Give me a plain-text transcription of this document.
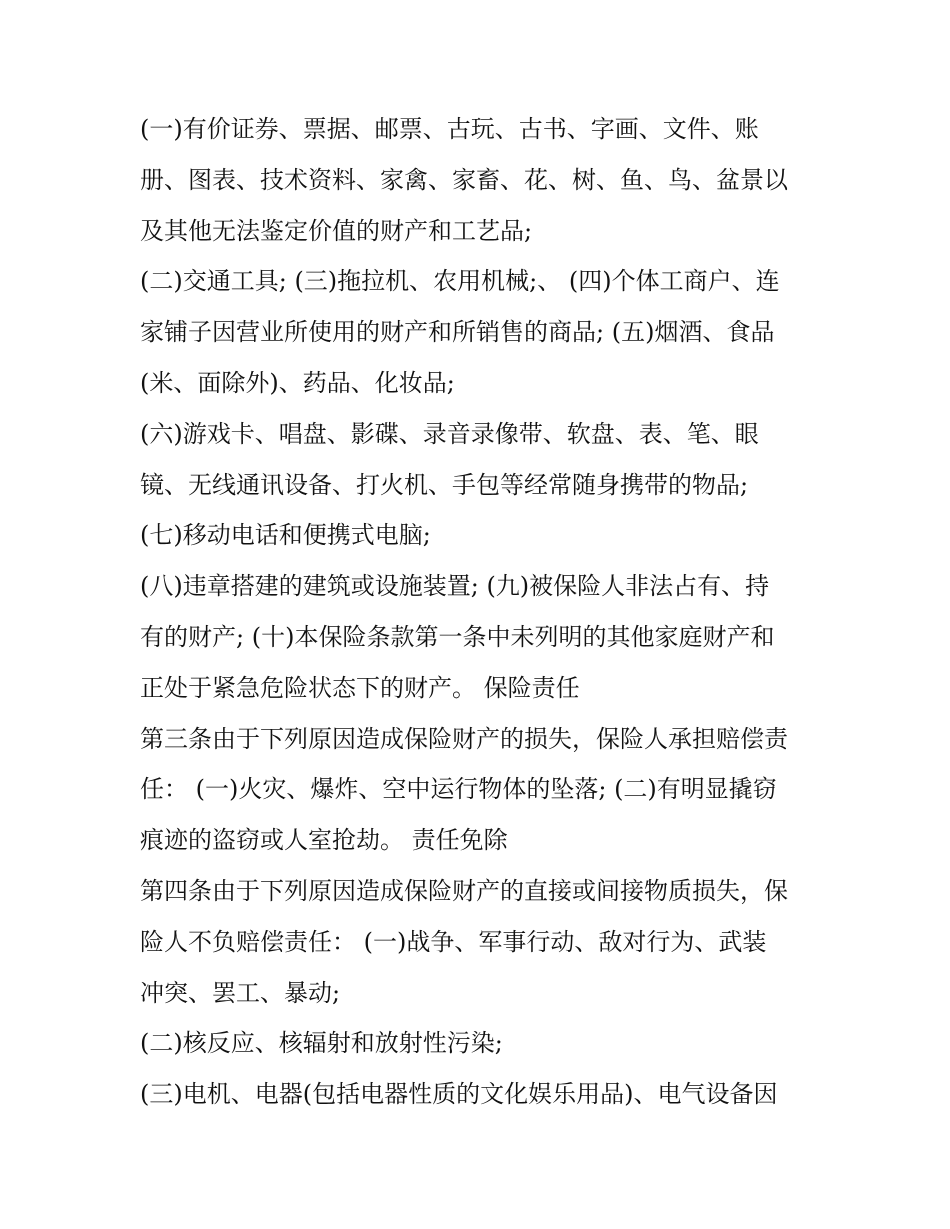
(一)有价证券、票据、邮票、古玩、古书、字画、文件、账
册、图表、技术资料、家禽、家畜、花、树、鱼、鸟、盆景以
及其他无法鉴定价值的财产和工艺品;
(二)交通工具; (三)拖拉机、农用机械;、 (四)个体工商户、连
家铺子因营业所使用的财产和所销售的商品; (五)烟酒、食品
(米、面除外)、药品、化妆品;
(六)游戏卡、唱盘、影碟、录音录像带、软盘、表、笔、眼
镜、无线通讯设备、打火机、手包等经常随身携带的物品;
(七)移动电话和便携式电脑;
(八)违章搭建的建筑或设施装置; (九)被保险人非法占有、持
有的财产; (十)本保险条款第一条中未列明的其他家庭财产和
正处于紧急危险状态下的财产。 保险责任
第三条由于下列原因造成保险财产的损失，保险人承担赔偿责
任： (一)火灾、爆炸、空中运行物体的坠落; (二)有明显撬窃
痕迹的盗窃或人室抢劫。 责任免除
第四条由于下列原因造成保险财产的直接或间接物质损失，保
险人不负赔偿责任： (一)战争、军事行动、敌对行为、武装
冲突、罢工、暴动;
(二)核反应、核辐射和放射性污染;
(三)电机、电器(包括电器性质的文化娱乐用品)、电气设备因
